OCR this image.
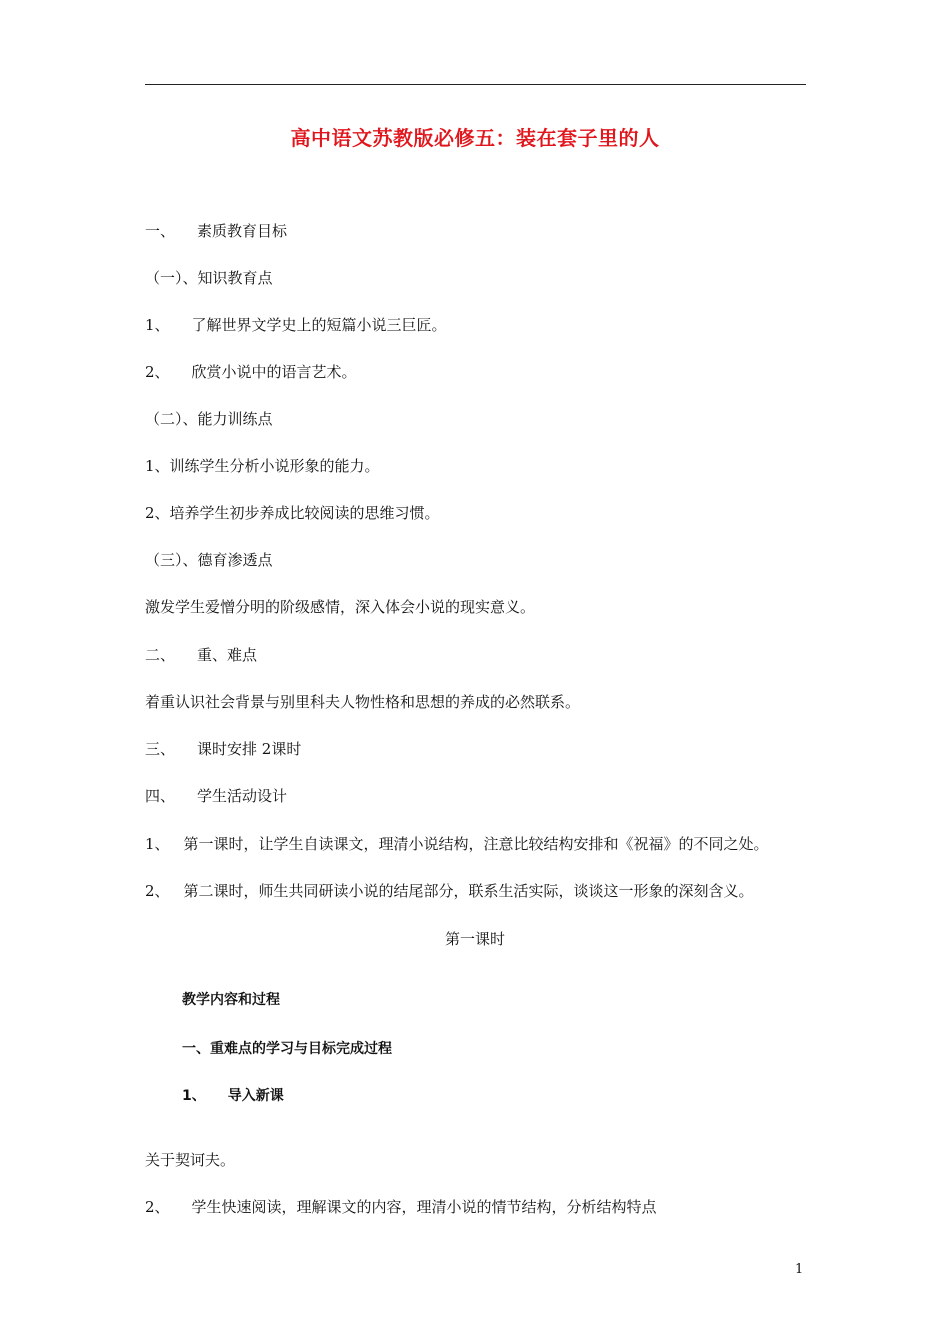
高中语文苏教版必修五：装在套子里的人
一、 素质教育目标
（一）、知识教育点
1、 了解世界文学史上的短篇小说三巨匠。
2、 欣赏小说中的语言艺术。
（二）、能力训练点
1、训练学生分析小说形象的能力。
2、培养学生初步养成比较阅读的思维习惯。
（三）、德育渗透点
激发学生爱憎分明的阶级感情，深入体会小说的现实意义。
二、 重、难点
着重认识社会背景与别里科夫人物性格和思想的养成的必然联系。
三、 课时安排 2课时
四、 学生活动设计
1、 第一课时，让学生自读课文，理清小说结构，注意比较结构安排和《祝福》的不同之处。
2、 第二课时，师生共同研读小说的结尾部分，联系生活实际，谈谈这一形象的深刻含义。
第一课时
教学内容和过程
一、重难点的学习与目标完成过程
1、 导入新课
关于契诃夫。
2、 学生快速阅读，理解课文的内容，理清小说的情节结构，分析结构特点
1
